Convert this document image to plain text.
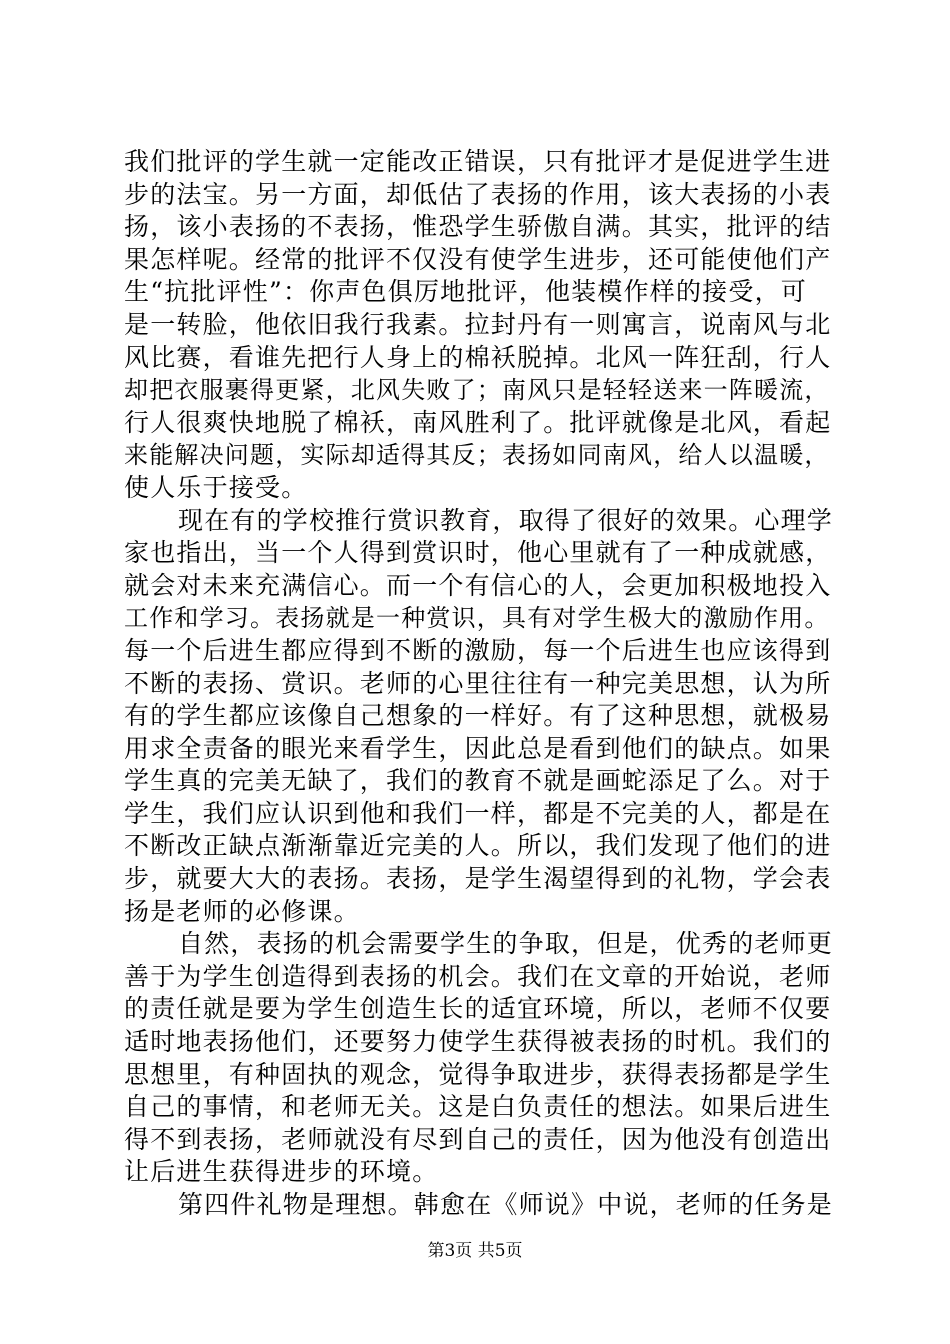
我们批评的学生就一定能改正错误，只有批评才是促进学生进
步的法宝。另一方面，却低估了表扬的作用，该大表扬的小表
扬，该小表扬的不表扬，惟恐学生骄傲自满。其实，批评的结
果怎样呢。经常的批评不仅没有使学生进步，还可能使他们产
生“抗批评性”：你声色俱厉地批评，他装模作样的接受，可
是一转脸，他依旧我行我素。拉封丹有一则寓言，说南风与北
风比赛，看谁先把行人身上的棉袄脱掉。北风一阵狂刮，行人
却把衣服裹得更紧，北风失败了；南风只是轻轻送来一阵暖流，
行人很爽快地脱了棉袄，南风胜利了。批评就像是北风，看起
来能解决问题，实际却适得其反；表扬如同南风，给人以温暖，
使人乐于接受。
现在有的学校推行赏识教育，取得了很好的效果。心理学
家也指出，当一个人得到赏识时，他心里就有了一种成就感，
就会对未来充满信心。而一个有信心的人，会更加积极地投入
工作和学习。表扬就是一种赏识，具有对学生极大的激励作用。
每一个后进生都应得到不断的激励，每一个后进生也应该得到
不断的表扬、赏识。老师的心里往往有一种完美思想，认为所
有的学生都应该像自己想象的一样好。有了这种思想，就极易
用求全责备的眼光来看学生，因此总是看到他们的缺点。如果
学生真的完美无缺了，我们的教育不就是画蛇添足了么。对于
学生，我们应认识到他和我们一样，都是不完美的人，都是在
不断改正缺点渐渐靠近完美的人。所以，我们发现了他们的进
步，就要大大的表扬。表扬，是学生渴望得到的礼物，学会表
扬是老师的必修课。
自然，表扬的机会需要学生的争取，但是，优秀的老师更
善于为学生创造得到表扬的机会。我们在文章的开始说，老师
的责任就是要为学生创造生长的适宜环境，所以，老师不仅要
适时地表扬他们，还要努力使学生获得被表扬的时机。我们的
思想里，有种固执的观念，觉得争取进步，获得表扬都是学生
自己的事情，和老师无关。这是白负责任的想法。如果后进生
得不到表扬，老师就没有尽到自己的责任，因为他没有创造出
让后进生获得进步的环境。
第四件礼物是理想。韩愈在《师说》中说，老师的任务是
第3页 共5页
